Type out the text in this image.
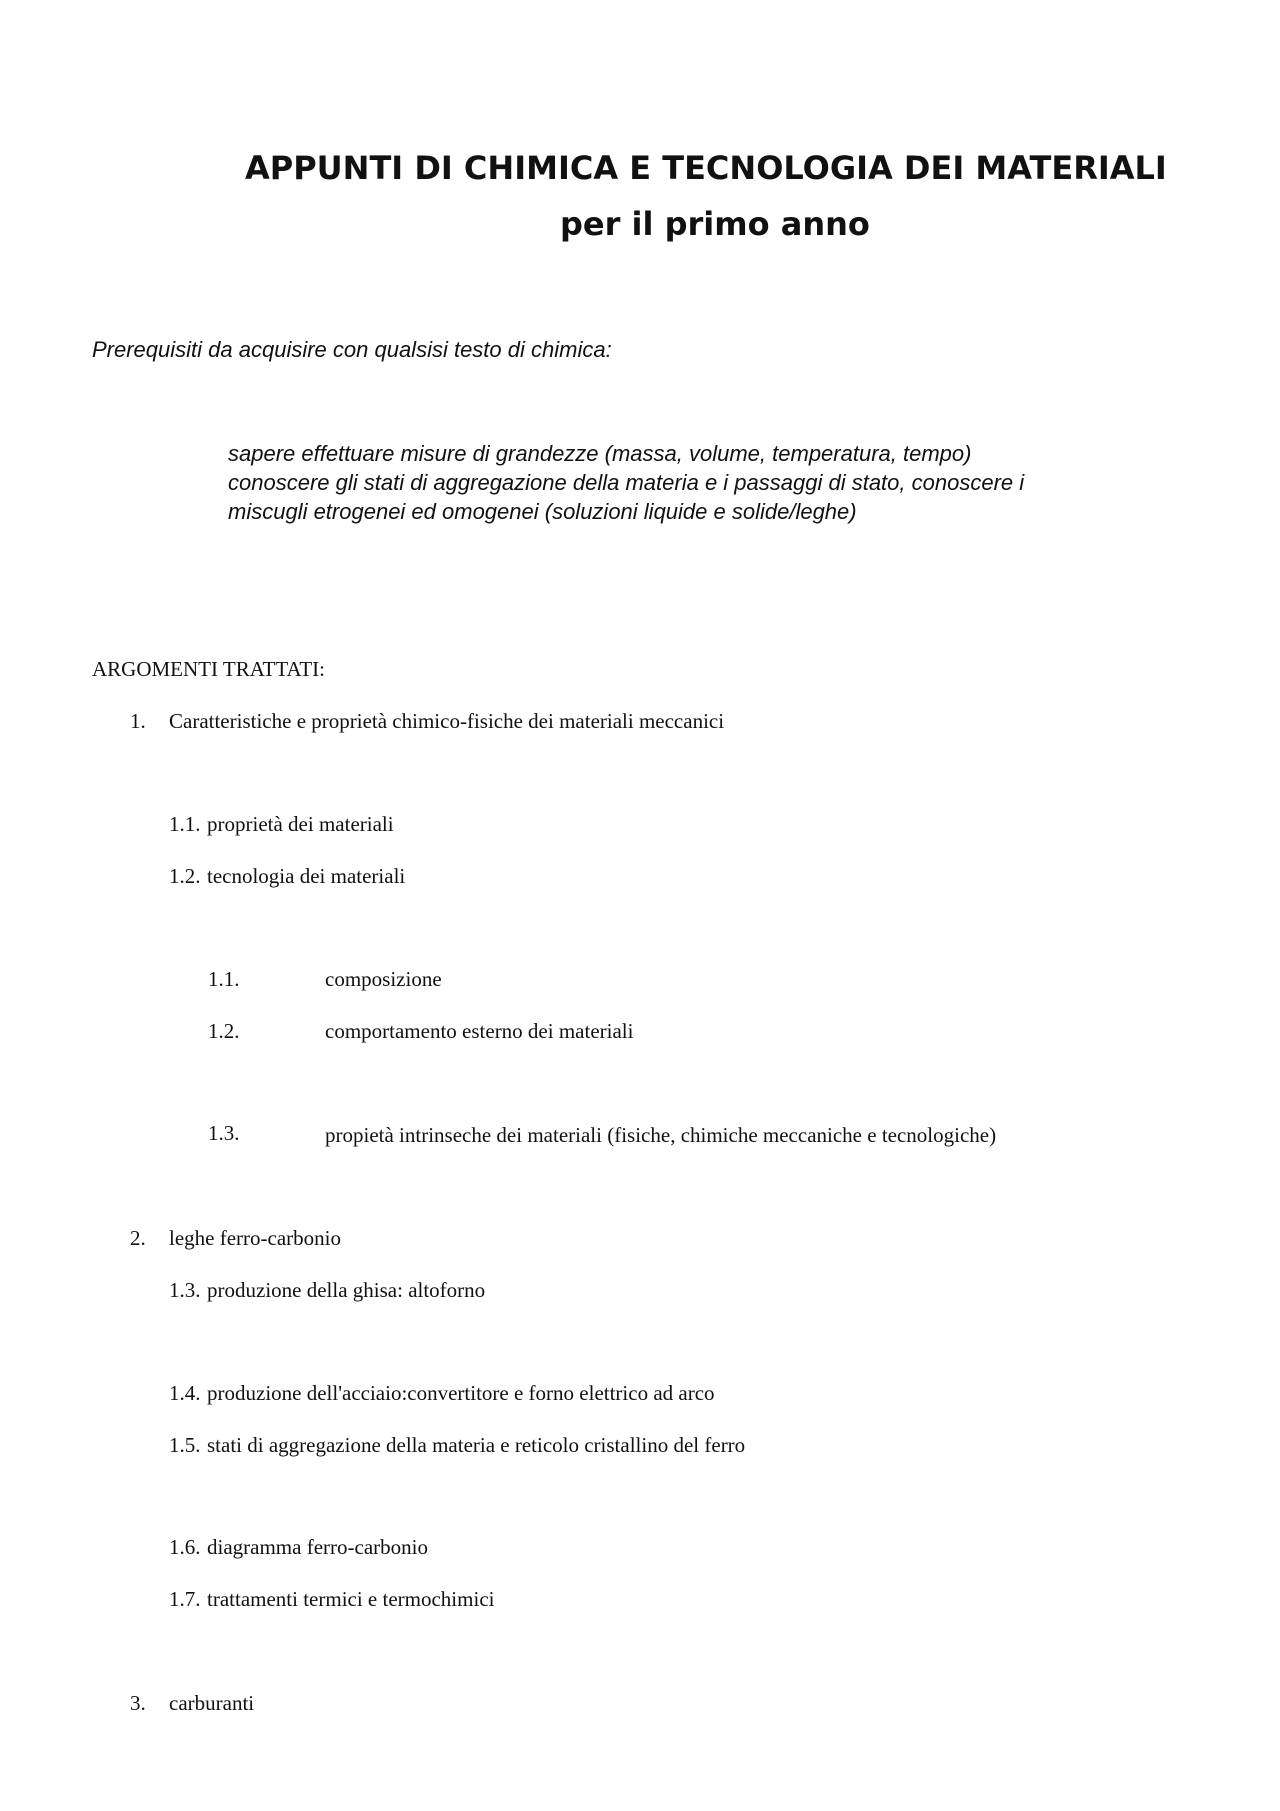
APPUNTI DI CHIMICA E TECNOLOGIA DEI MATERIALI
per il primo anno
Prerequisiti da acquisire con qualsisi testo di chimica:
sapere effettuare misure di grandezze (massa, volume, temperatura, tempo)
conoscere gli stati di aggregazione della materia e i passaggi di stato, conoscere i
miscugli etrogenei ed omogenei (soluzioni liquide e solide/leghe)
ARGOMENTI TRATTATI:
1. Caratteristiche e proprietà chimico-fisiche dei materiali meccanici
1.1. proprietà dei materiali
1.2. tecnologia dei materiali
1.1.	composizione
1.2.	comportamento esterno dei materiali
1.3.	propietà intrinseche dei materiali (fisiche, chimiche meccaniche e tecnologiche)
2. leghe ferro-carbonio
1.3. produzione della ghisa: altoforno
1.4. produzione dell'acciaio:convertitore e forno elettrico ad arco
1.5. stati di aggregazione della materia e reticolo cristallino del ferro
1.6. diagramma ferro-carbonio
1.7. trattamenti termici e termochimici
3. carburanti
